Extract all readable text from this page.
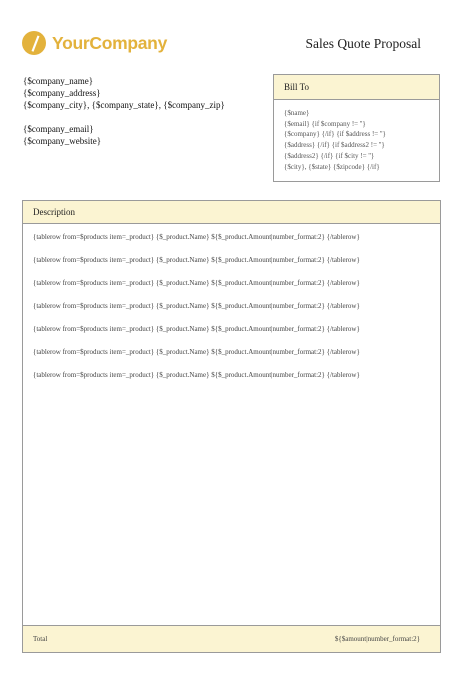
YourCompany	Sales Quote Proposal
{$company_name}
{$company_address}
{$company_city}, {$company_state}, {$company_zip}
{$company_email}
{$company_website}
Bill To
{$name}
{$email} {if $company != ''}
{$company} {/if} {if $address != ''}
{$address} {/if} {if $address2 != ''}
{$address2} {/if} {if $city != ''}
{$city}, {$state} {$zipcode} {/if}
Description
{tablerow from=$products item=_product} {$_product.Name} ${$_product.Amount|number_format:2} {/tablerow}
{tablerow from=$products item=_product} {$_product.Name} ${$_product.Amount|number_format:2} {/tablerow}
{tablerow from=$products item=_product} {$_product.Name} ${$_product.Amount|number_format:2} {/tablerow}
{tablerow from=$products item=_product} {$_product.Name} ${$_product.Amount|number_format:2} {/tablerow}
{tablerow from=$products item=_product} {$_product.Name} ${$_product.Amount|number_format:2} {/tablerow}
{tablerow from=$products item=_product} {$_product.Name} ${$_product.Amount|number_format:2} {/tablerow}
{tablerow from=$products item=_product} {$_product.Name} ${$_product.Amount|number_format:2} {/tablerow}
Total	${$amount|number_format:2}
